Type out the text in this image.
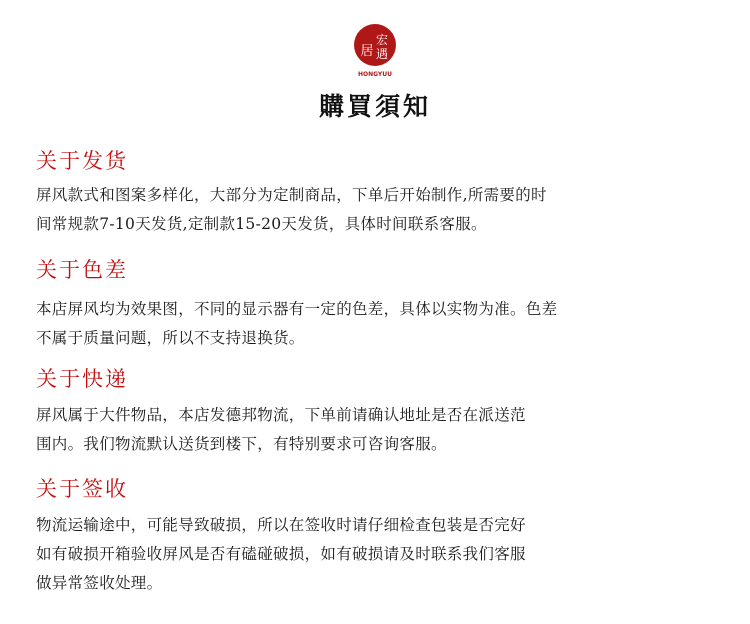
居
宏
遇
HONGYUU
購買須知
关于发货
屏风款式和图案多样化，大部分为定制商品，下单后开始制作,所需要的时
间常规款7-10天发货,定制款15-20天发货，具体时间联系客服。
关于色差
本店屏风均为效果图，不同的显示器有一定的色差，具体以实物为准。色差
不属于质量问题，所以不支持退换货。
关于快递
屏风属于大件物品，本店发德邦物流，下单前请确认地址是否在派送范
围内。我们物流默认送货到楼下，有特别要求可咨询客服。
关于签收
物流运输途中，可能导致破损，所以在签收时请仔细检查包装是否完好
如有破损开箱验收屏风是否有磕碰破损，如有破损请及时联系我们客服
做异常签收处理。
